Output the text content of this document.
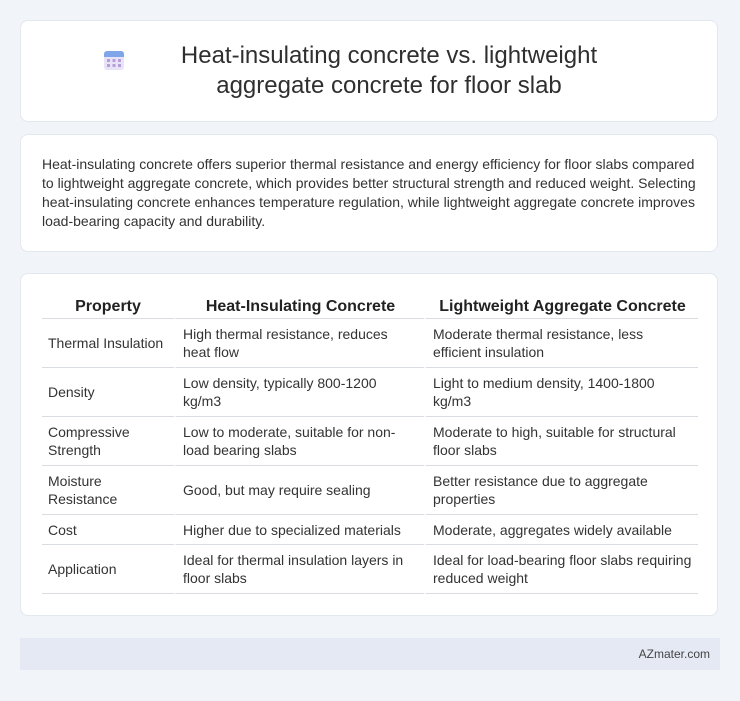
Heat-insulating concrete vs. lightweight aggregate concrete for floor slab

Heat-insulating concrete offers superior thermal resistance and energy efficiency for floor slabs compared to lightweight aggregate concrete, which provides better structural strength and reduced weight. Selecting heat-insulating concrete enhances temperature regulation, while lightweight aggregate concrete improves load-bearing capacity and durability.

Property	Heat-Insulating Concrete	Lightweight Aggregate Concrete
Thermal Insulation	High thermal resistance, reduces heat flow	Moderate thermal resistance, less efficient insulation
Density	Low density, typically 800-1200 kg/m3	Light to medium density, 1400-1800 kg/m3
Compressive Strength	Low to moderate, suitable for non-load bearing slabs	Moderate to high, suitable for structural floor slabs
Moisture Resistance	Good, but may require sealing	Better resistance due to aggregate properties
Cost	Higher due to specialized materials	Moderate, aggregates widely available
Application	Ideal for thermal insulation layers in floor slabs	Ideal for load-bearing floor slabs requiring reduced weight
AZmater.com
